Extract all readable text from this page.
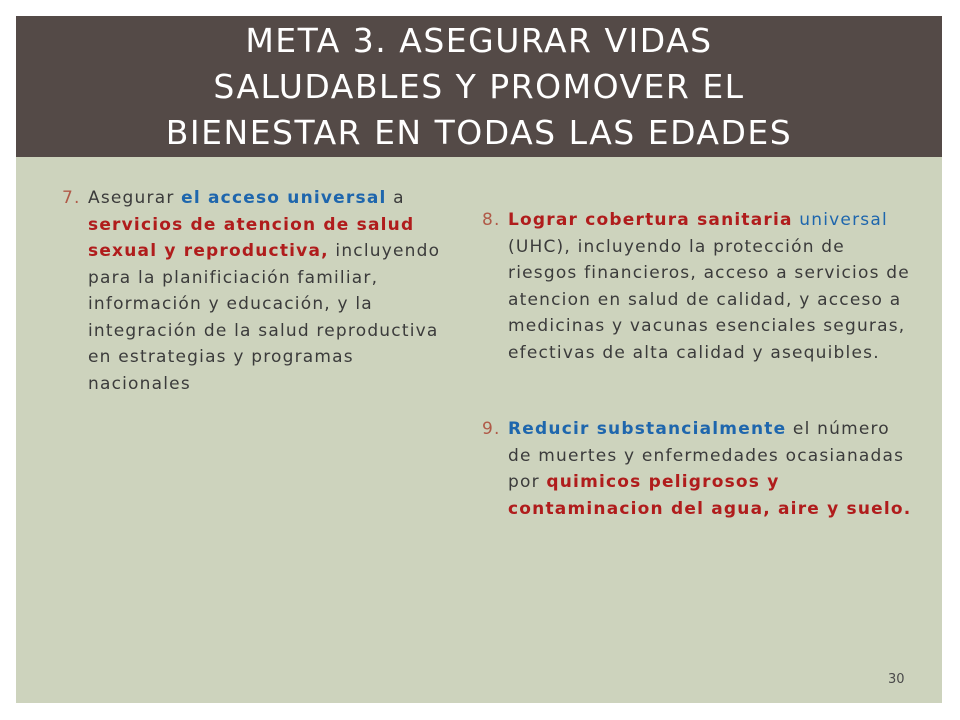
META 3. ASEGURAR VIDAS
SALUDABLES Y PROMOVER EL
BIENESTAR EN TODAS LAS EDADES
7. Asegurar el acceso universal a servicios de atencion de salud sexual y reproductiva, incluyendo para la planificiación familiar, información y educación, y la integración de la salud reproductiva en estrategias y programas nacionales
8. Lograr cobertura sanitaria universal (UHC), incluyendo la protección de riesgos financieros, acceso a servicios de atencion en salud de calidad, y acceso a medicinas y vacunas esenciales seguras, efectivas de alta calidad y asequibles.
9. Reducir substancialmente el número de muertes y enfermedades ocasianadas por quimicos peligrosos y contaminacion del agua, aire y suelo.
30
